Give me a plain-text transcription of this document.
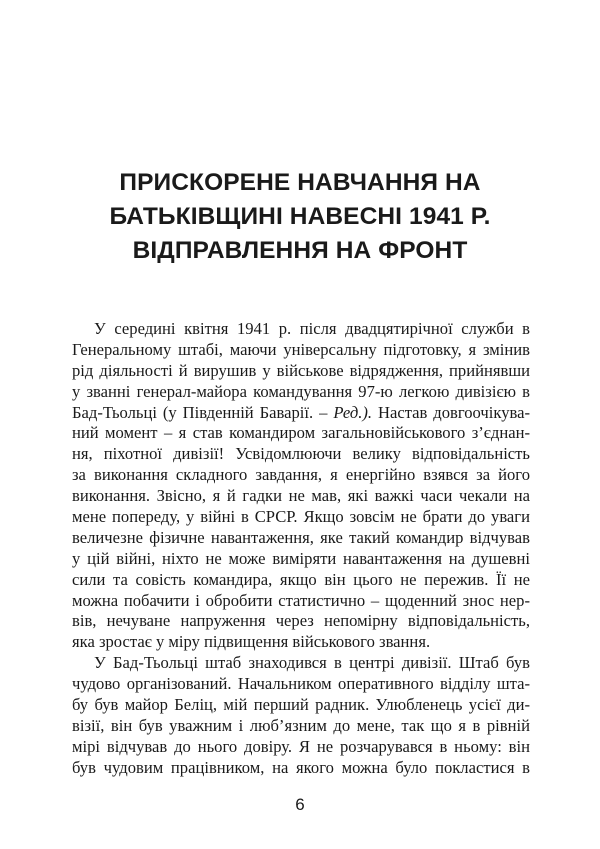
ПРИСКОРЕНЕ НАВЧАННЯ НА
БАТЬКІВЩИНІ НАВЕСНІ 1941 Р.
ВІДПРАВЛЕННЯ НА ФРОНТ
У середині квітня 1941 р. після двадцятирічної служби в
Генеральному штабі, маючи універсальну підготовку, я змінив
рід діяльності й вирушив у військове відрядження, прийнявши
у званні генерал-майора командування 97-ю легкою дивізією в
Бад-Тьольці (у Південній Баварії. – Ред.). Настав довгоочікува-
ний момент – я став командиром загальновійськового з’єднан-
ня, піхотної дивізії! Усвідомлюючи велику відповідальність
за виконання складного завдання, я енергійно взявся за його
виконання. Звісно, я й гадки не мав, які важкі часи чекали на
мене попереду, у війні в СРСР. Якщо зовсім не брати до уваги
величезне фізичне навантаження, яке такий командир відчував
у цій війні, ніхто не може виміряти навантаження на душевні
сили та совість командира, якщо він цього не пережив. Її не
можна побачити і обробити статистично – щоденний знос нер-
вів, нечуване напруження через непомірну відповідальність,
яка зростає у міру підвищення військового звання.
У Бад-Тьольці штаб знаходився в центрі дивізії. Штаб був
чудово організований. Начальником оперативного відділу шта-
бу був майор Беліц, мій перший радник. Улюбленець усієї ди-
візії, він був уважним і люб’язним до мене, так що я в рівній
мірі відчував до нього довіру. Я не розчарувався в ньому: він
був чудовим працівником, на якого можна було покластися в
6
